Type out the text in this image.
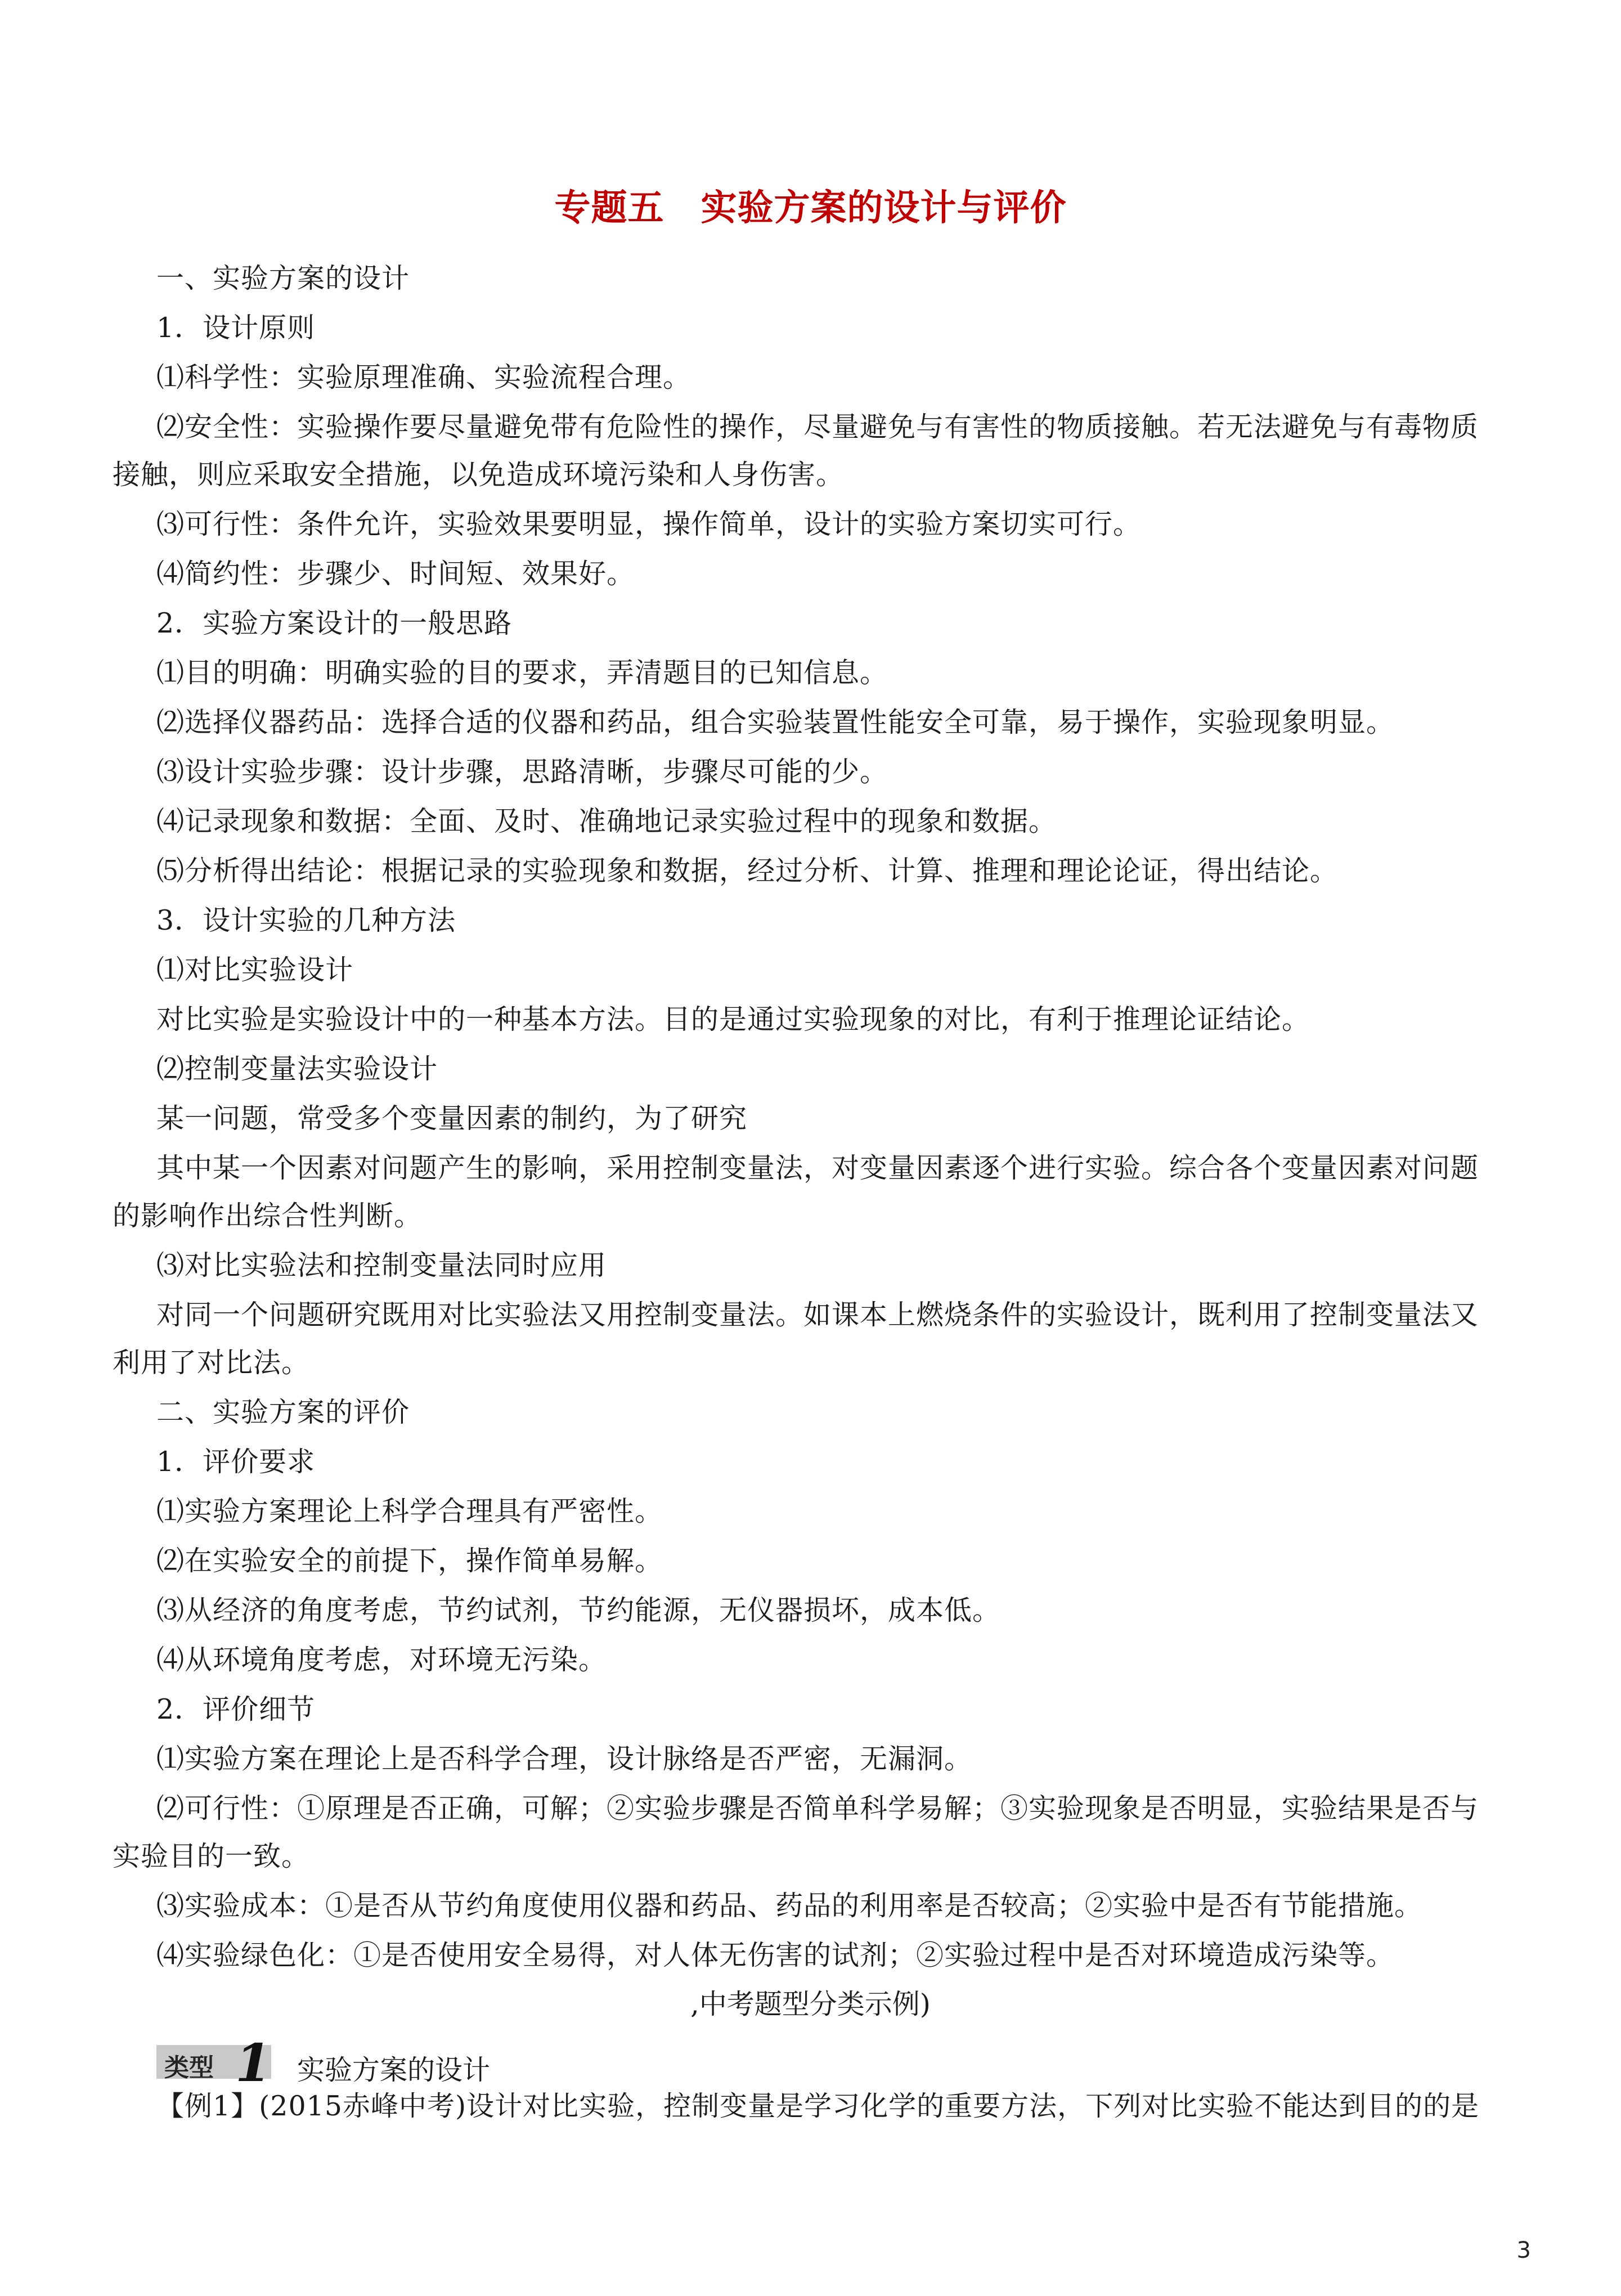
专题五　实验方案的设计与评价
一、实验方案的设计
1．设计原则
⑴科学性：实验原理准确、实验流程合理。
⑵安全性：实验操作要尽量避免带有危险性的操作，尽量避免与有害性的物质接触。若无法避免与有毒物质
接触，则应采取安全措施，以免造成环境污染和人身伤害。
⑶可行性：条件允许，实验效果要明显，操作简单，设计的实验方案切实可行。
⑷简约性：步骤少、时间短、效果好。
2．实验方案设计的一般思路
⑴目的明确：明确实验的目的要求，弄清题目的已知信息。
⑵选择仪器药品：选择合适的仪器和药品，组合实验装置性能安全可靠，易于操作，实验现象明显。
⑶设计实验步骤：设计步骤，思路清晰，步骤尽可能的少。
⑷记录现象和数据：全面、及时、准确地记录实验过程中的现象和数据。
⑸分析得出结论：根据记录的实验现象和数据，经过分析、计算、推理和理论论证，得出结论。
3．设计实验的几种方法
⑴对比实验设计
对比实验是实验设计中的一种基本方法。目的是通过实验现象的对比，有利于推理论证结论。
⑵控制变量法实验设计
某一问题，常受多个变量因素的制约，为了研究
其中某一个因素对问题产生的影响，采用控制变量法，对变量因素逐个进行实验。综合各个变量因素对问题
的影响作出综合性判断。
⑶对比实验法和控制变量法同时应用
对同一个问题研究既用对比实验法又用控制变量法。如课本上燃烧条件的实验设计，既利用了控制变量法又
利用了对比法。
二、实验方案的评价
1．评价要求
⑴实验方案理论上科学合理具有严密性。
⑵在实验安全的前提下，操作简单易解。
⑶从经济的角度考虑，节约试剂，节约能源，无仪器损坏，成本低。
⑷从环境角度考虑，对环境无污染。
2．评价细节
⑴实验方案在理论上是否科学合理，设计脉络是否严密，无漏洞。
⑵可行性：①原理是否正确，可解；②实验步骤是否简单科学易解；③实验现象是否明显，实验结果是否与
实验目的一致。
⑶实验成本：①是否从节约角度使用仪器和药品、药品的利用率是否较高；②实验中是否有节能措施。
⑷实验绿色化：①是否使用安全易得，对人体无伤害的试剂；②实验过程中是否对环境造成污染等。
,中考题型分类示例)
类型 1 实验方案的设计
【例1】(2015赤峰中考)设计对比实验，控制变量是学习化学的重要方法，下列对比实验不能达到目的的是
3
